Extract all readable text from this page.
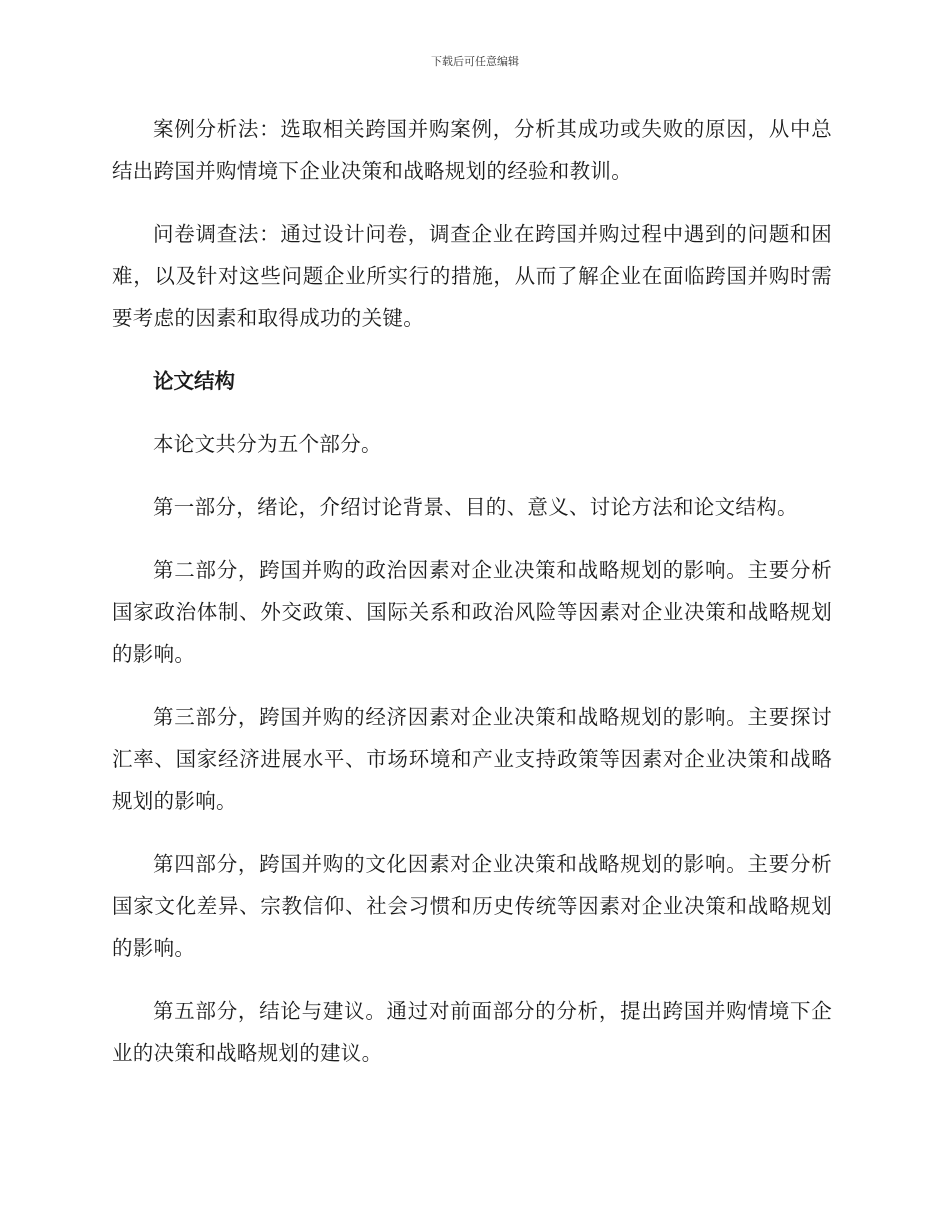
下载后可任意编辑

案例分析法：选取相关跨国并购案例，分析其成功或失败的原因，从中总结出跨国并购情境下企业决策和战略规划的经验和教训。

问卷调查法：通过设计问卷，调查企业在跨国并购过程中遇到的问题和困难，以及针对这些问题企业所实行的措施，从而了解企业在面临跨国并购时需要考虑的因素和取得成功的关键。

论文结构

本论文共分为五个部分。

第一部分，绪论，介绍讨论背景、目的、意义、讨论方法和论文结构。

第二部分，跨国并购的政治因素对企业决策和战略规划的影响。主要分析国家政治体制、外交政策、国际关系和政治风险等因素对企业决策和战略规划的影响。

第三部分，跨国并购的经济因素对企业决策和战略规划的影响。主要探讨汇率、国家经济进展水平、市场环境和产业支持政策等因素对企业决策和战略规划的影响。

第四部分，跨国并购的文化因素对企业决策和战略规划的影响。主要分析国家文化差异、宗教信仰、社会习惯和历史传统等因素对企业决策和战略规划的影响。

第五部分，结论与建议。通过对前面部分的分析，提出跨国并购情境下企业的决策和战略规划的建议。
